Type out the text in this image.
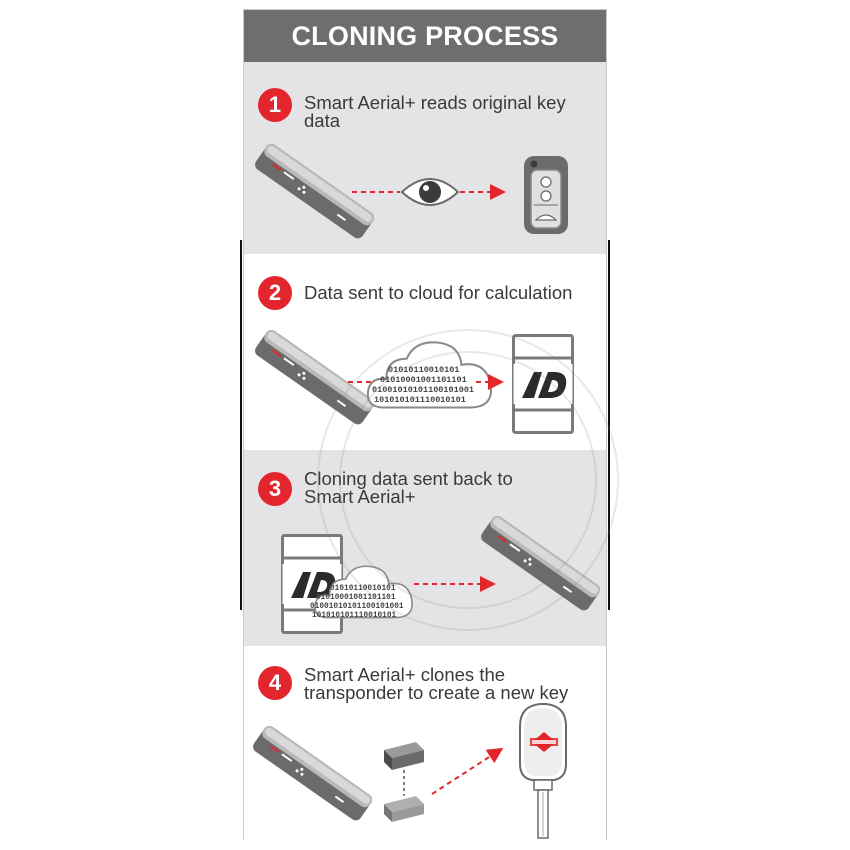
CLONING PROCESS
1	Smart Aerial+ reads original key data
2	Data sent to cloud for calculation
01010110010101
01010001001101101
01001010101100101001
101010101110010101
3	Cloning data sent back to
Smart Aerial+
01010110010101
01010001001101101
01001010101100101001
101010101110010101
4	Smart Aerial+ clones the
transponder to create a new key
